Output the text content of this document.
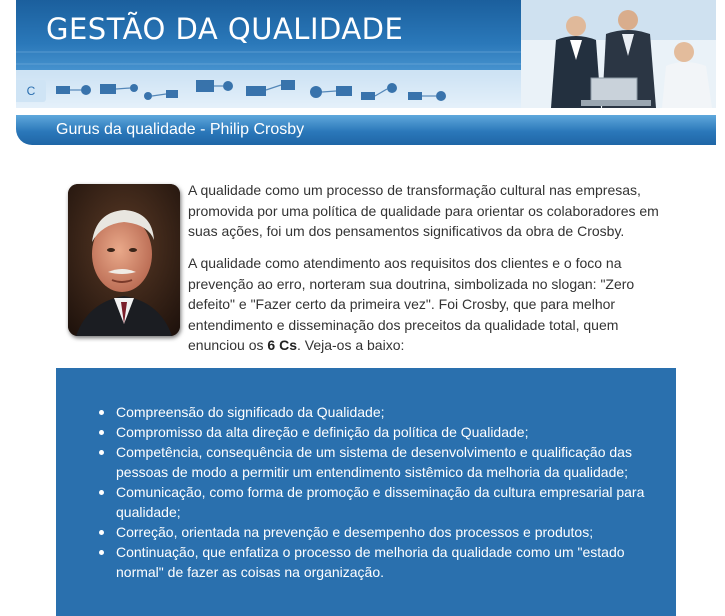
GESTÃO DA QUALIDADE
C
Gurus da qualidade - Philip Crosby

A qualidade como um processo de transformação cultural nas empresas, promovida por uma política de qualidade para orientar os colaboradores em suas ações, foi um dos pensamentos significativos da obra de Crosby.

A qualidade como atendimento aos requisitos dos clientes e o foco na prevenção ao erro, norteram sua doutrina, simbolizada no slogan: "Zero defeito" e "Fazer certo da primeira vez". Foi Crosby, que para melhor entendimento e disseminação dos preceitos da qualidade total, quem enunciou os 6 Cs. Veja-os a baixo:

Compreensão do significado da Qualidade;
Compromisso da alta direção e definição da política de Qualidade;
Competência, consequência de um sistema de desenvolvimento e qualificação das pessoas de modo a permitir um entendimento sistêmico da melhoria da qualidade;
Comunicação, como forma de promoção e disseminação da cultura empresarial para qualidade;
Correção, orientada na prevenção e desempenho dos processos e produtos;
Continuação, que enfatiza o processo de melhoria da qualidade como um "estado normal" de fazer as coisas na organização.
